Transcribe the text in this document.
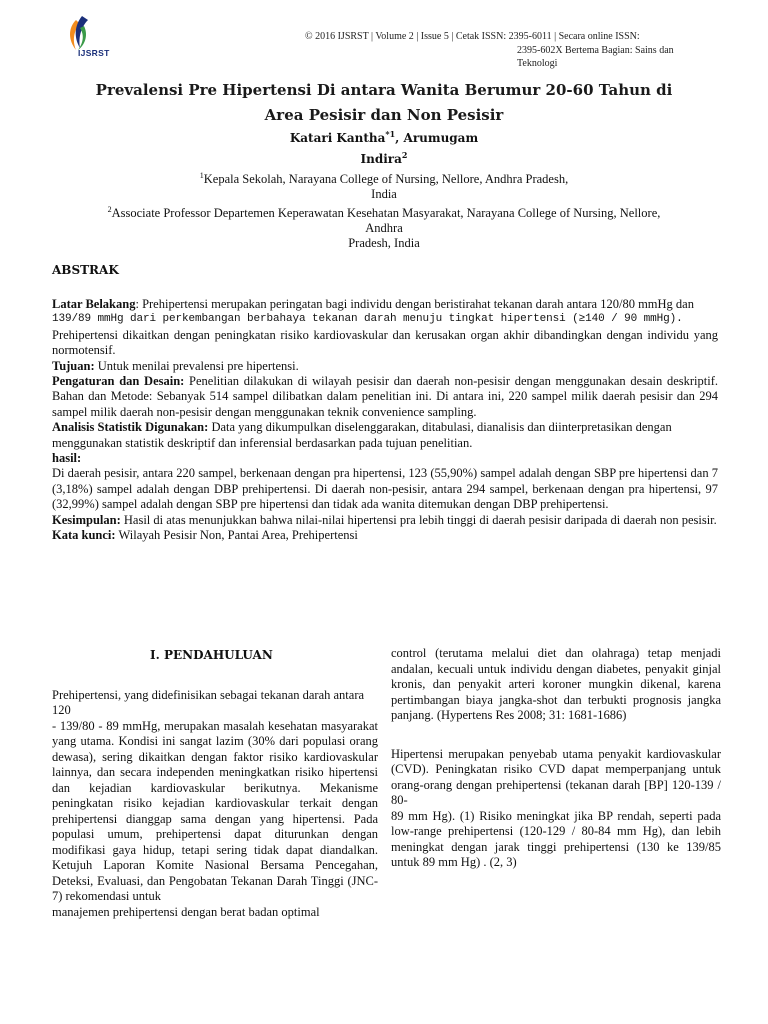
IJSRST
© 2016 IJSRST | Volume 2 | Issue 5 | Cetak ISSN: 2395-6011 | Secara online ISSN:
2395-602X Bertema Bagian: Sains dan
Teknologi
Prevalensi Pre Hipertensi Di antara Wanita Berumur 20-60 Tahun di
Area Pesisir dan Non Pesisir
Katari Kantha$^{*1}$, Arumugam
Indira$^2$
$^1$Kepala Sekolah, Narayana College of Nursing, Nellore, Andhra Pradesh,
India
$^2$Associate Professor Departemen Keperawatan Kesehatan Masyarakat, Narayana College of Nursing, Nellore,
Andhra
Pradesh, India
ABSTRAK

Latar Belakang: Prehipertensi merupakan peringatan bagi individu dengan beristirahat tekanan darah antara 120/80 mmHg dan

139/89 mmHg dari perkembangan berbahaya tekanan darah menuju tingkat hipertensi (≥140 / 90 mmHg).

Prehipertensi dikaitkan dengan peningkatan risiko kardiovaskular dan kerusakan organ akhir dibandingkan dengan individu yang normotensif.

Tujuan: Untuk menilai prevalensi pre hipertensi.

Pengaturan dan Desain: Penelitian dilakukan di wilayah pesisir dan daerah non-pesisir dengan menggunakan desain deskriptif. Bahan dan Metode: Sebanyak 514 sampel dilibatkan dalam penelitian ini. Di antara ini, 220 sampel milik daerah pesisir dan 294 sampel milik daerah non-pesisir dengan menggunakan teknik convenience sampling.

Analisis Statistik Digunakan: Data yang dikumpulkan diselenggarakan, ditabulasi, dianalisis dan diinterpretasikan dengan menggunakan statistik deskriptif dan inferensial berdasarkan pada tujuan penelitian.

hasil:

Di daerah pesisir, antara 220 sampel, berkenaan dengan pra hipertensi, 123 (55,90%) sampel adalah dengan SBP pre hipertensi dan 7 (3,18%) sampel adalah dengan DBP prehipertensi. Di daerah non-pesisir, antara 294 sampel, berkenaan dengan pra hipertensi, 97 (32,99%) sampel adalah dengan SBP pre hipertensi dan tidak ada wanita ditemukan dengan DBP prehipertensi.

Kesimpulan: Hasil di atas menunjukkan bahwa nilai-nilai hipertensi pra lebih tinggi di daerah pesisir daripada di daerah non pesisir.

Kata kunci: Wilayah Pesisir Non, Pantai Area, Prehipertensi

I. PENDAHULUAN

Prehipertensi, yang didefinisikan sebagai tekanan darah antara 120

- 139/80 - 89 mmHg, merupakan masalah kesehatan masyarakat yang utama. Kondisi ini sangat lazim (30% dari populasi orang dewasa), sering dikaitkan dengan faktor risiko kardiovaskular lainnya, dan secara independen meningkatkan risiko hipertensi dan kejadian kardiovaskular berikutnya. Mekanisme peningkatan risiko kejadian kardiovaskular terkait dengan prehipertensi dianggap sama dengan yang hipertensi. Pada populasi umum, prehipertensi dapat diturunkan dengan modifikasi gaya hidup, tetapi sering tidak dapat diandalkan. Ketujuh Laporan Komite Nasional Bersama Pencegahan, Deteksi, Evaluasi, dan Pengobatan Tekanan Darah Tinggi (JNC-7) rekomendasi untuk

manajemen prehipertensi dengan berat badan optimal

control (terutama melalui diet dan olahraga) tetap menjadi andalan, kecuali untuk individu dengan diabetes, penyakit ginjal kronis, dan penyakit arteri koroner mungkin dikenal, karena pertimbangan biaya jangka-shot dan terbukti prognosis jangka panjang. (Hypertens Res 2008; 31: 1681-1686)

Hipertensi merupakan penyebab utama penyakit kardiovaskular (CVD). Peningkatan risiko CVD dapat memperpanjang untuk orang-orang dengan prehipertensi (tekanan darah [BP] 120-139 / 80-

89 mm Hg). (1) Risiko meningkat jika BP rendah, seperti pada low-range prehipertensi (120-129 / 80-84 mm Hg), dan lebih meningkat dengan jarak tinggi prehipertensi (130 ke 139/85 untuk 89 mm Hg) . (2, 3)
